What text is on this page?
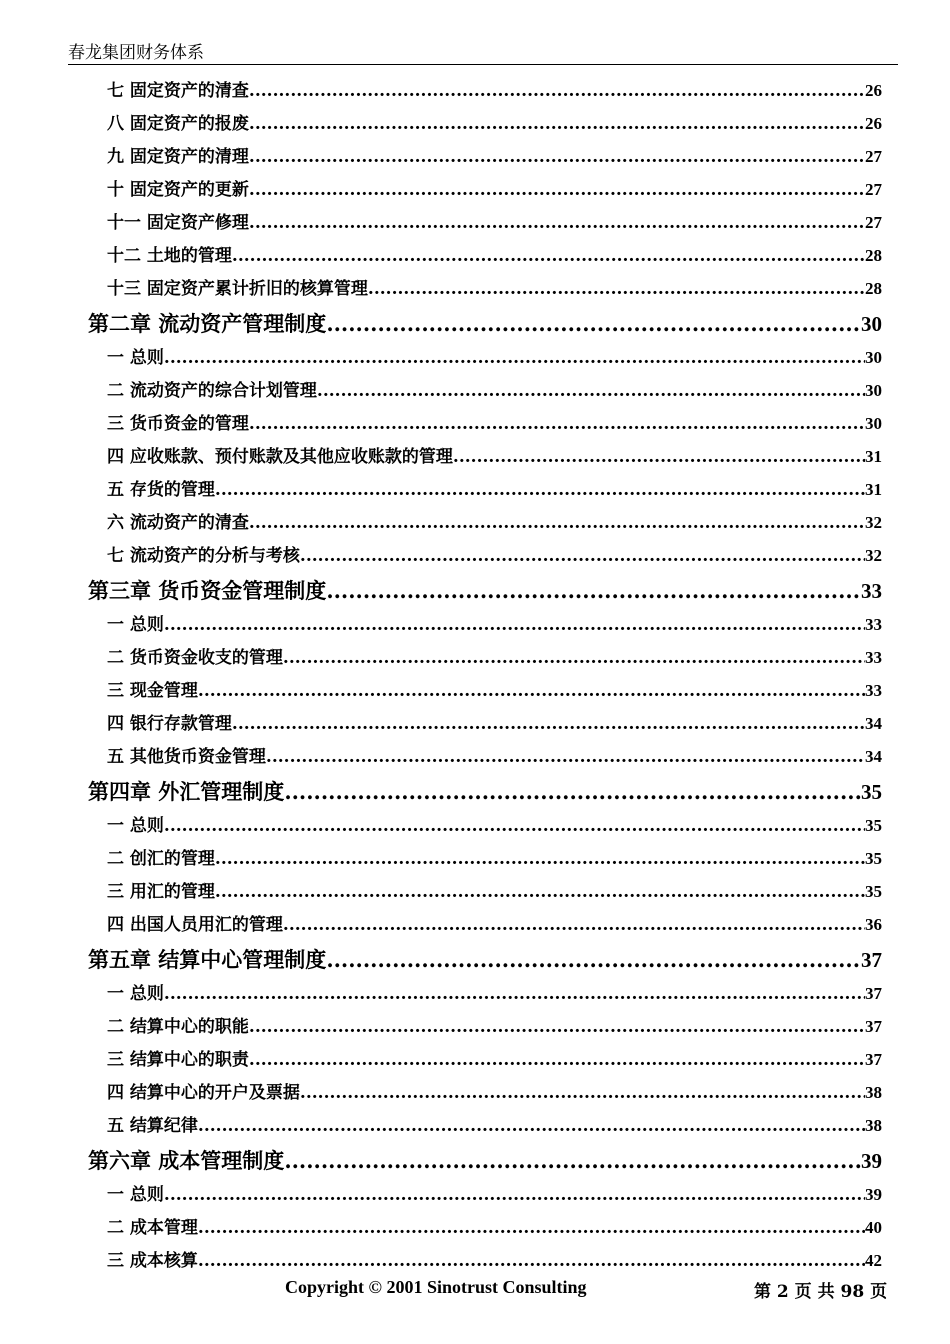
春龙集团财务体系
七 固定资产的清查 .....	26
八 固定资产的报废 .....	26
九 固定资产的清理 .....	27
十 固定资产的更新 .....	27
十一 固定资产修理 .....	27
十二 土地的管理 .....	28
十三 固定资产累计折旧的核算管理 .....	28
第二章 流动资产管理制度 .....	30
一 总则 .....	30
二 流动资产的综合计划管理 .....	30
三 货币资金的管理 .....	30
四 应收账款、预付账款及其他应收账款的管理 .....	31
五 存货的管理 .....	31
六 流动资产的清查 .....	32
七 流动资产的分析与考核 .....	32
第三章 货币资金管理制度 .....	33
一 总则 .....	33
二 货币资金收支的管理 .....	33
三 现金管理 .....	33
四 银行存款管理 .....	34
五 其他货币资金管理 .....	34
第四章 外汇管理制度 .....	35
一 总则 .....	35
二 创汇的管理 .....	35
三 用汇的管理 .....	35
四 出国人员用汇的管理 .....	36
第五章 结算中心管理制度 .....	37
一 总则 .....	37
二 结算中心的职能 .....	37
三 结算中心的职责 .....	37
四 结算中心的开户及票据 .....	38
五 结算纪律 .....	38
第六章 成本管理制度 .....	39
一 总则 .....	39
二 成本管理 .....	40
三 成本核算 .....	42
Copyright © 2001 Sinotrust Consulting	第 2 页 共 98 页
